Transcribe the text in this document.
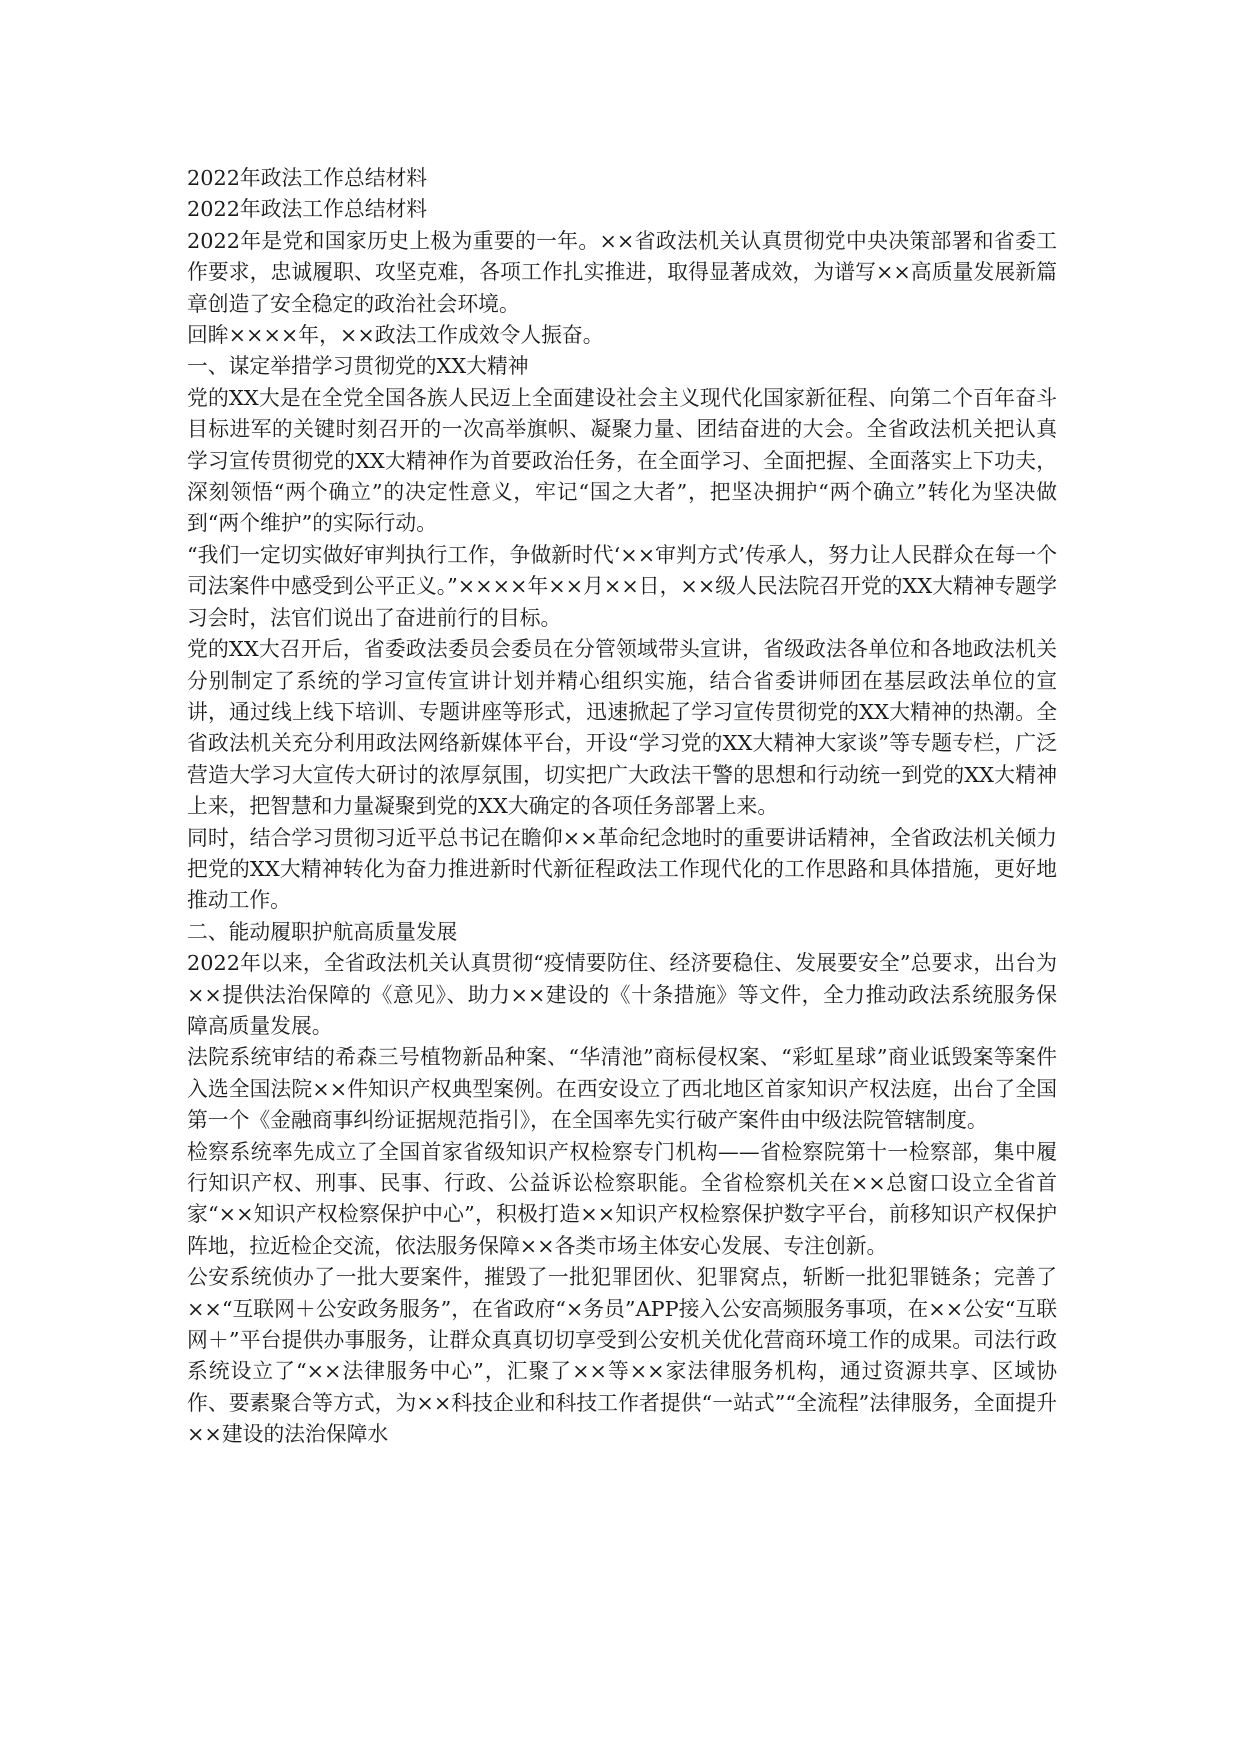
2022年政法工作总结材料

2022年政法工作总结材料

2022年是党和国家历史上极为重要的一年。××省政法机关认真贯彻党中央决策部署和省委工作要求，忠诚履职、攻坚克难，各项工作扎实推进，取得显著成效，为谱写××高质量发展新篇章创造了安全稳定的政治社会环境。

回眸××××年，××政法工作成效令人振奋。

一、谋定举措学习贯彻党的XX大精神

党的XX大是在全党全国各族人民迈上全面建设社会主义现代化国家新征程、向第二个百年奋斗目标进军的关键时刻召开的一次高举旗帜、凝聚力量、团结奋进的大会。全省政法机关把认真学习宣传贯彻党的XX大精神作为首要政治任务，在全面学习、全面把握、全面落实上下功夫，深刻领悟“两个确立”的决定性意义，牢记“国之大者”，把坚决拥护“两个确立”转化为坚决做到“两个维护”的实际行动。

“我们一定切实做好审判执行工作，争做新时代‘××审判方式’传承人，努力让人民群众在每一个司法案件中感受到公平正义。”××××年××月××日，××级人民法院召开党的XX大精神专题学习会时，法官们说出了奋进前行的目标。

党的XX大召开后，省委政法委员会委员在分管领域带头宣讲，省级政法各单位和各地政法机关分别制定了系统的学习宣传宣讲计划并精心组织实施，结合省委讲师团在基层政法单位的宣讲，通过线上线下培训、专题讲座等形式，迅速掀起了学习宣传贯彻党的XX大精神的热潮。全省政法机关充分利用政法网络新媒体平台，开设“学习党的XX大精神大家谈”等专题专栏，广泛营造大学习大宣传大研讨的浓厚氛围，切实把广大政法干警的思想和行动统一到党的XX大精神上来，把智慧和力量凝聚到党的XX大确定的各项任务部署上来。

同时，结合学习贯彻习近平总书记在瞻仰××革命纪念地时的重要讲话精神，全省政法机关倾力把党的XX大精神转化为奋力推进新时代新征程政法工作现代化的工作思路和具体措施，更好地推动工作。

二、能动履职护航高质量发展

2022年以来，全省政法机关认真贯彻“疫情要防住、经济要稳住、发展要安全”总要求，出台为××提供法治保障的《意见》、助力××建设的《十条措施》等文件，全力推动政法系统服务保障高质量发展。

法院系统审结的希森三号植物新品种案、“华清池”商标侵权案、“彩虹星球”商业诋毁案等案件入选全国法院××件知识产权典型案例。在西安设立了西北地区首家知识产权法庭，出台了全国第一个《金融商事纠纷证据规范指引》，在全国率先实行破产案件由中级法院管辖制度。

检察系统率先成立了全国首家省级知识产权检察专门机构——省检察院第十一检察部，集中履行知识产权、刑事、民事、行政、公益诉讼检察职能。全省检察机关在××总窗口设立全省首家“××知识产权检察保护中心”，积极打造××知识产权检察保护数字平台，前移知识产权保护阵地，拉近检企交流，依法服务保障××各类市场主体安心发展、专注创新。

公安系统侦办了一批大要案件，摧毁了一批犯罪团伙、犯罪窝点，斩断一批犯罪链条；完善了××“互联网＋公安政务服务”，在省政府“×务员”APP接入公安高频服务事项，在××公安“互联网＋”平台提供办事服务，让群众真真切切享受到公安机关优化营商环境工作的成果。司法行政系统设立了“××法律服务中心”，汇聚了××等××家法律服务机构，通过资源共享、区域协作、要素聚合等方式，为××科技企业和科技工作者提供“一站式”“全流程”法律服务，全面提升××建设的法治保障水
